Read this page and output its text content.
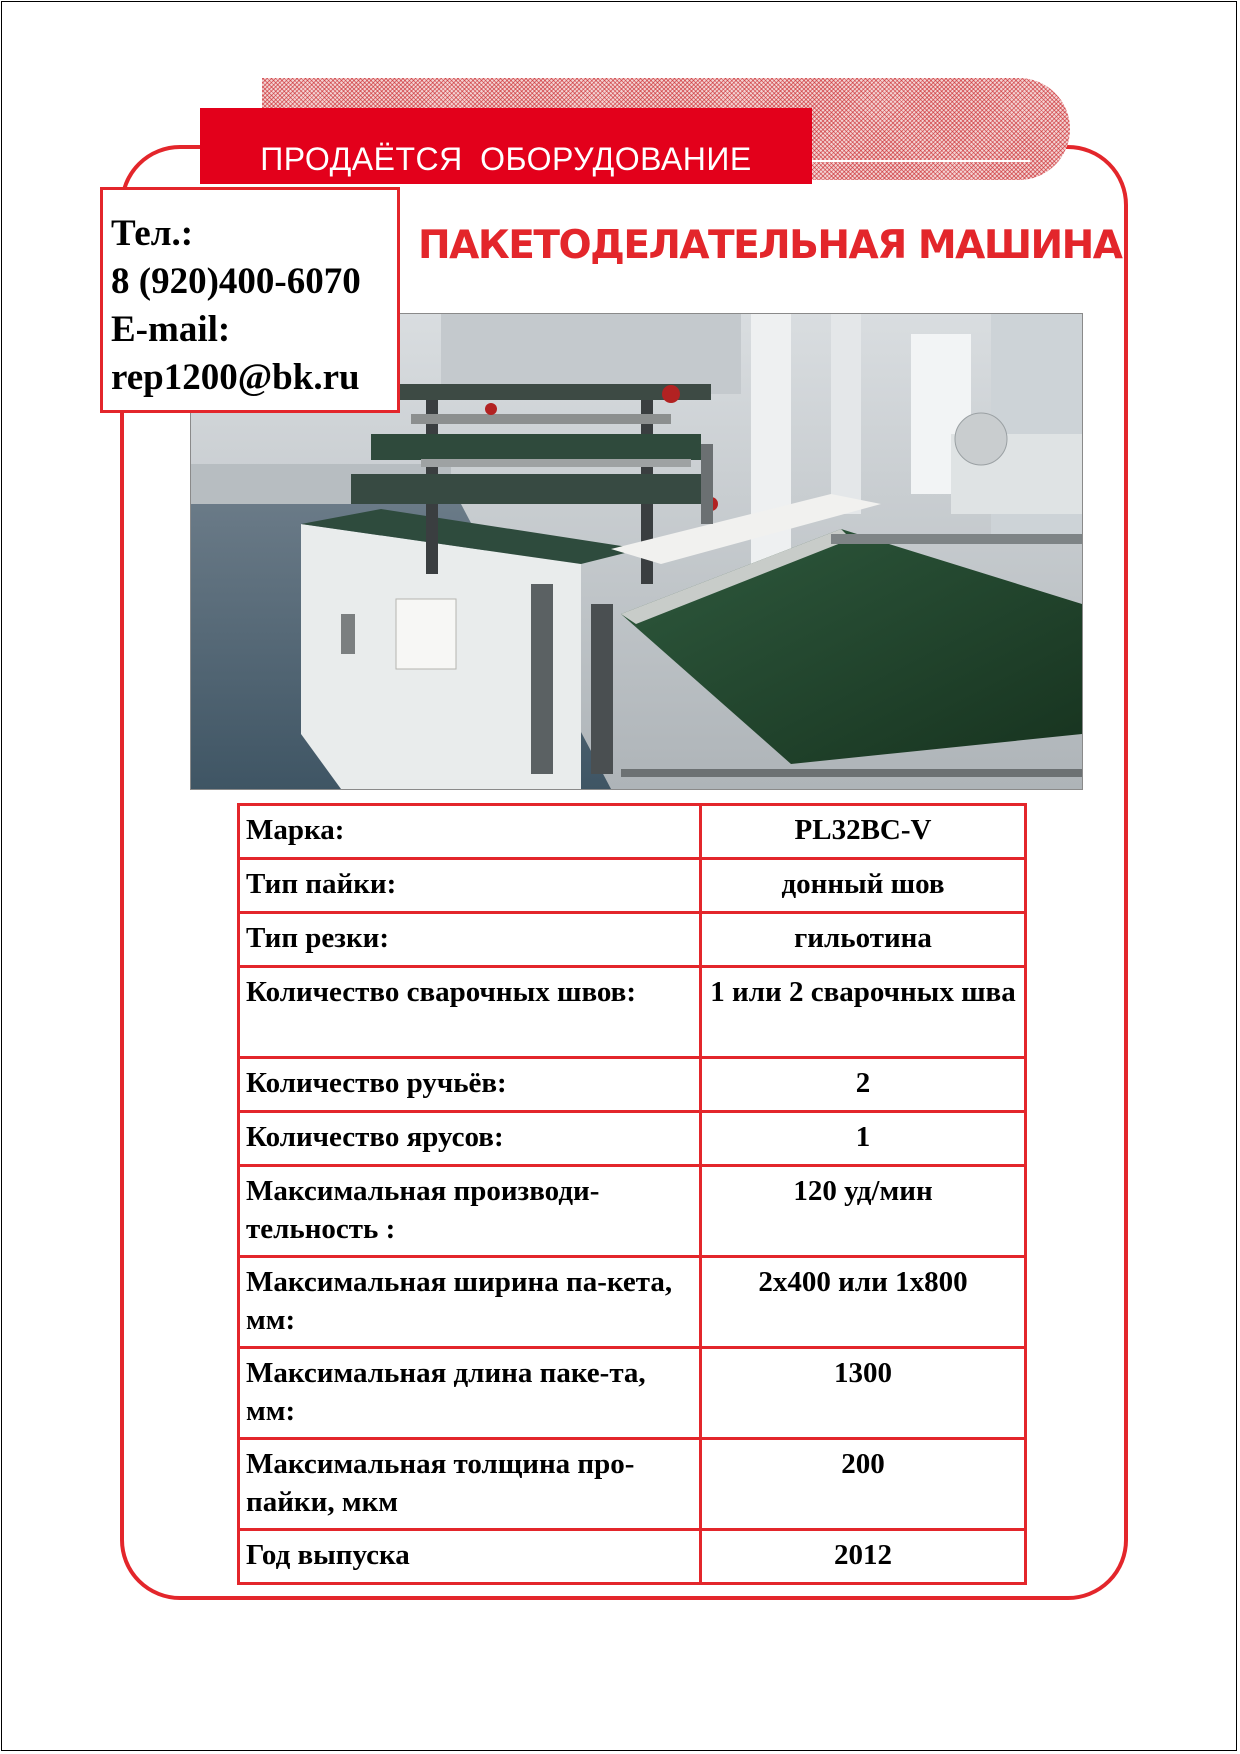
ПРОДАЁТСЯ ОБОРУДОВАНИЕ
Тел.:
8 (920)400-6070
E-mail:
rep1200@bk.ru
ПАКЕТОДЕЛАТЕЛЬНАЯ МАШИНА
Марка:	PL32BC-V
Тип пайки:	донный шов
Тип резки:	гильотина
Количество сварочных швов:	1 или 2 сварочных шва
Количество ручьёв:	2
Количество ярусов:	1
Максимальная производи-тельность :	120 уд/мин
Максимальная ширина па-кета, мм:	2х400 или 1х800
Максимальная длина паке-та, мм:	1300
Максимальная толщина про-пайки, мкм	200
Год выпуска	2012
